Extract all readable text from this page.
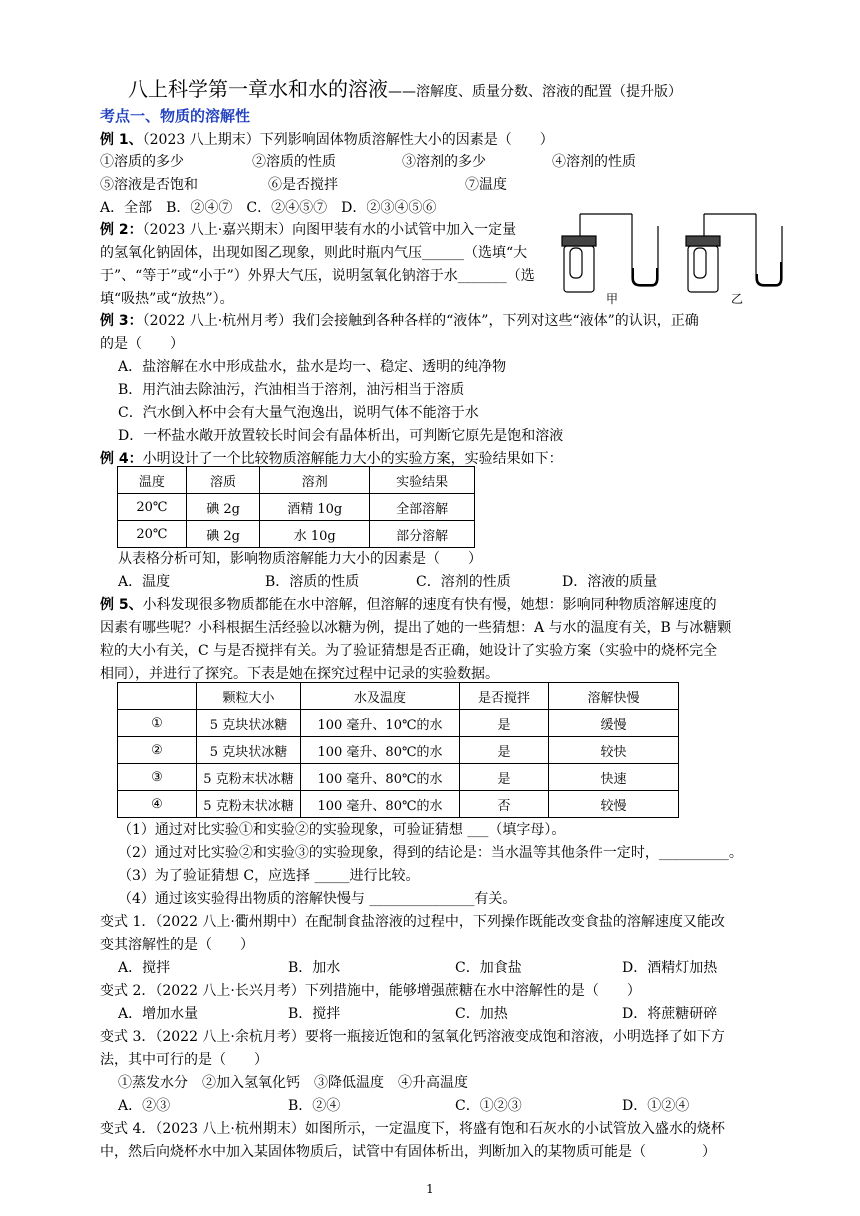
八上科学第一章水和水的溶液——溶解度、质量分数、溶液的配置（提升版）
考点一、物质的溶解性
例 1、（2023 八上期末）下列影响固体物质溶解性大小的因素是（　　）
①溶质的多少	②溶质的性质	③溶剂的多少	④溶剂的性质
⑤溶液是否饱和	⑥是否搅拌	⑦温度
A．全部　B．②④⑦　C．②④⑤⑦　D．②③④⑤⑥
例 2：（2023 八上·嘉兴期末）向图甲装有水的小试管中加入一定量
的氢氧化钠固体，出现如图乙现象，则此时瓶内气压______（选填“大
于”、“等于”或“小于”）外界大气压，说明氢氧化钠溶于水_______（选
填“吸热”或“放热”）。	甲	乙
例 3：（2022 八上·杭州月考）我们会接触到各种各样的“液体”，下列对这些“液体”的认识，正确
的是（　　）
A．盐溶解在水中形成盐水，盐水是均一、稳定、透明的纯净物
B．用汽油去除油污，汽油相当于溶剂，油污相当于溶质
C．汽水倒入杯中会有大量气泡逸出，说明气体不能溶于水
D．一杯盐水敞开放置较长时间会有晶体析出，可判断它原先是饱和溶液
例 4：小明设计了一个比较物质溶解能力大小的实验方案，实验结果如下：
温度	溶质	溶剂	实验结果
20℃	碘 2g	酒精 10g	全部溶解
20℃	碘 2g	水 10g	部分溶解
从表格分析可知，影响物质溶解能力大小的因素是（　　）
A．温度	B．溶质的性质	C．溶剂的性质	D．溶液的质量
例 5、小科发现很多物质都能在水中溶解，但溶解的速度有快有慢，她想：影响同种物质溶解速度的
因素有哪些呢？小科根据生活经验以冰糖为例，提出了她的一些猜想：A 与水的温度有关，B 与冰糖颗
粒的大小有关，C 与是否搅拌有关。为了验证猜想是否正确，她设计了实验方案（实验中的烧杯完全
相同），并进行了探究。下表是她在探究过程中记录的实验数据。
	颗粒大小	水及温度	是否搅拌	溶解快慢
①	5 克块状冰糖	100 毫升、10℃的水	是	缓慢
②	5 克块状冰糖	100 毫升、80℃的水	是	较快
③	5 克粉末状冰糖	100 毫升、80℃的水	是	快速
④	5 克粉末状冰糖	100 毫升、80℃的水	否	较慢
（1）通过对比实验①和实验②的实验现象，可验证猜想 ___（填字母）。
（2）通过对比实验②和实验③的实验现象，得到的结论是：当水温等其他条件一定时，__________。
（3）为了验证猜想 C，应选择 _____进行比较。
（4）通过该实验得出物质的溶解快慢与 _______________有关。
变式 1．（2022 八上·衢州期中）在配制食盐溶液的过程中，下列操作既能改变食盐的溶解速度又能改
变其溶解性的是（　　）
A．搅拌	B．加水	C．加食盐	D．酒精灯加热
变式 2．（2022 八上·长兴月考）下列措施中，能够增强蔗糖在水中溶解性的是（　　）
A．增加水量	B．搅拌	C．加热	D．将蔗糖研碎
变式 3．（2022 八上·余杭月考）要将一瓶接近饱和的氢氧化钙溶液变成饱和溶液，小明选择了如下方
法，其中可行的是（　　）
①蒸发水分　②加入氢氧化钙　③降低温度　④升高温度
A．②③	B．②④	C．①②③	D．①②④
变式 4．（2023 八上·杭州期末）如图所示，一定温度下，将盛有饱和石灰水的小试管放入盛水的烧杯
中，然后向烧杯水中加入某固体物质后，试管中有固体析出，判断加入的某物质可能是（　　　　）
1
